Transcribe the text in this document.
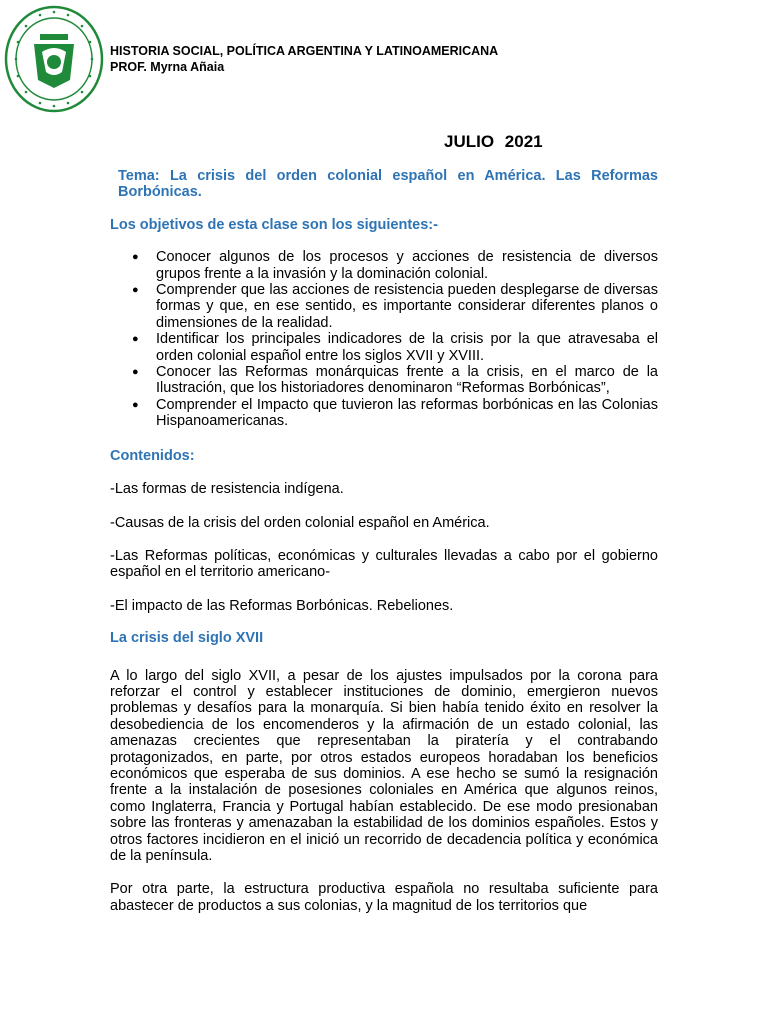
HISTORIA SOCIAL, POLÍTICA ARGENTINA Y LATINOAMERICANA
PROF. Myrna Añaia
JULIO 2021

Tema: La crisis del orden colonial español en América. Las Reformas Borbónicas.

Los objetivos de esta clase son los siguientes:-

● Conocer algunos de los procesos y acciones de resistencia de diversos grupos frente a la invasión y la dominación colonial.
● Comprender que las acciones de resistencia pueden desplegarse de diversas formas y que, en ese sentido, es importante considerar diferentes planos o dimensiones de la realidad.
● Identificar los principales indicadores de la crisis por la que atravesaba el orden colonial español entre los siglos XVII y XVIII.
● Conocer las Reformas monárquicas frente a la crisis, en el marco de la Ilustración, que los historiadores denominaron “Reformas Borbónicas”,
● Comprender el Impacto que tuvieron las reformas borbónicas en las Colonias Hispanoamericanas.

Contenidos:

-Las formas de resistencia indígena.

-Causas de la crisis del orden colonial español en América.

-Las Reformas políticas, económicas y culturales llevadas a cabo por el gobierno español en el territorio americano-

-El impacto de las Reformas Borbónicas. Rebeliones.

La crisis del siglo XVII

A lo largo del siglo XVII, a pesar de los ajustes impulsados por la corona para reforzar el control y establecer instituciones de dominio, emergieron nuevos problemas y desafíos para la monarquía. Si bien había tenido éxito en resolver la desobediencia de los encomenderos y la afirmación de un estado colonial, las amenazas crecientes que representaban la piratería y el contrabando protagonizados, en parte, por otros estados europeos horadaban los beneficios económicos que esperaba de sus dominios. A ese hecho se sumó la resignación frente a la instalación de posesiones coloniales en América que algunos reinos, como Inglaterra, Francia y Portugal habían establecido. De ese modo presionaban sobre las fronteras y amenazaban la estabilidad de los dominios españoles. Estos y otros factores incidieron en el inició un recorrido de decadencia política y económica de la península.

Por otra parte, la estructura productiva española no resultaba suficiente para abastecer de productos a sus colonias, y la magnitud de los territorios que
